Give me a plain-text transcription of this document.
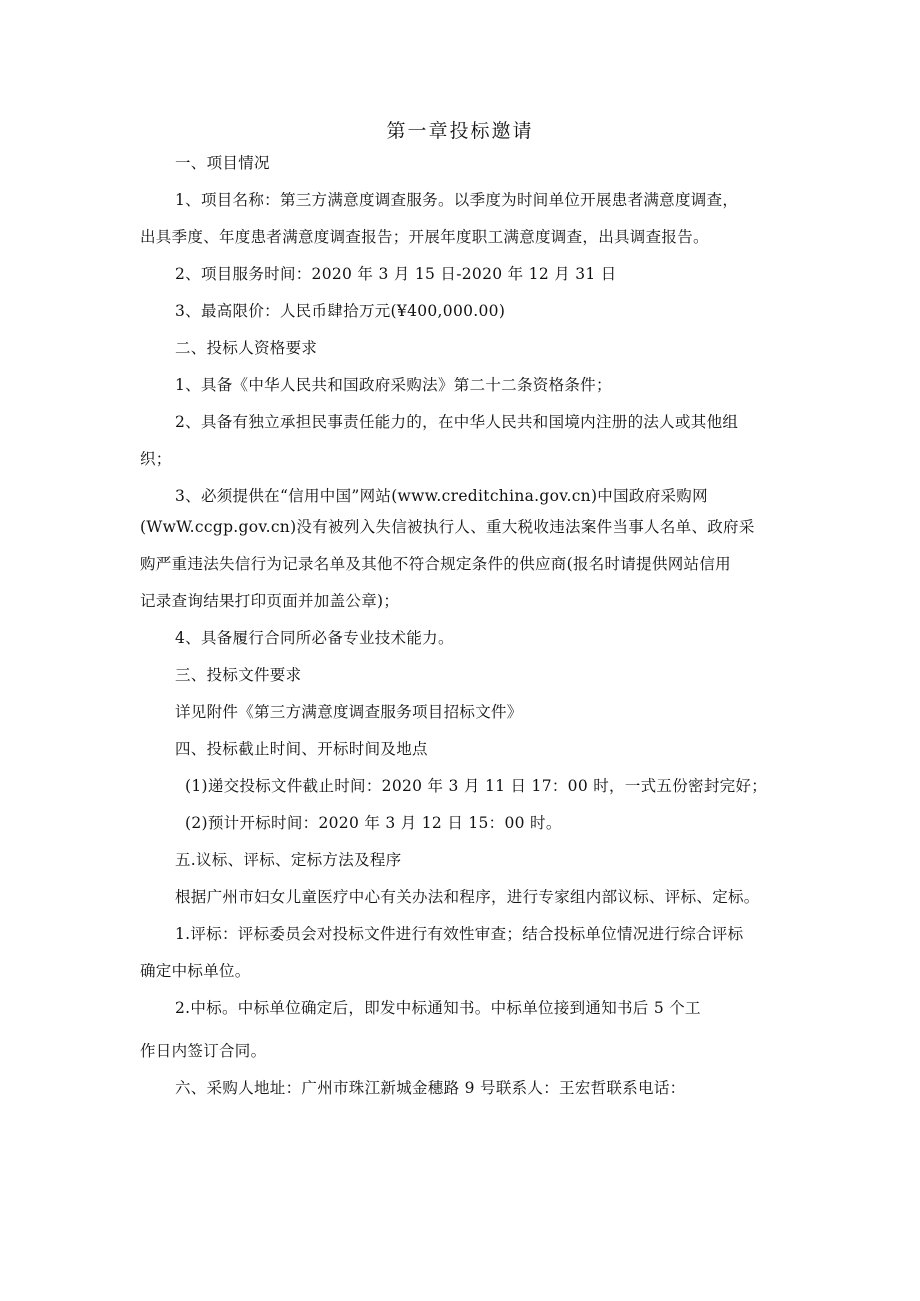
第一章投标邀请
一、项目情况
1、项目名称：第三方满意度调查服务。以季度为时间单位开展患者满意度调查，
出具季度、年度患者满意度调查报告；开展年度职工满意度调查，出具调查报告。
2、项目服务时间：2020 年 3 月 15 日-2020 年 12 月 31 日
3、最高限价：人民币肆拾万元(¥400,000.00)
二、投标人资格要求
1、具备《中华人民共和国政府采购法》第二十二条资格条件；
2、具备有独立承担民事责任能力的，在中华人民共和国境内注册的法人或其他组
织；
3、必须提供在“信用中国”网站(www.creditchina.gov.cn)中国政府采购网
(WwW.ccgp.gov.cn)没有被列入失信被执行人、重大税收违法案件当事人名单、政府采
购严重违法失信行为记录名单及其他不符合规定条件的供应商(报名时请提供网站信用
记录查询结果打印页面并加盖公章)；
4、具备履行合同所必备专业技术能力。
三、投标文件要求
详见附件《第三方满意度调查服务项目招标文件》
四、投标截止时间、开标时间及地点
(1)递交投标文件截止时间：2020 年 3 月 11 日 17：00 时，一式五份密封完好；
(2)预计开标时间：2020 年 3 月 12 日 15：00 时。
五.议标、评标、定标方法及程序
根据广州市妇女儿童医疗中心有关办法和程序，进行专家组内部议标、评标、定标。
1.评标：评标委员会对投标文件进行有效性审查；结合投标单位情况进行综合评标
确定中标单位。
2.中标。中标单位确定后，即发中标通知书。中标单位接到通知书后 5 个工
作日内签订合同。
六、采购人地址：广州市珠江新城金穗路 9 号联系人：王宏哲联系电话：
